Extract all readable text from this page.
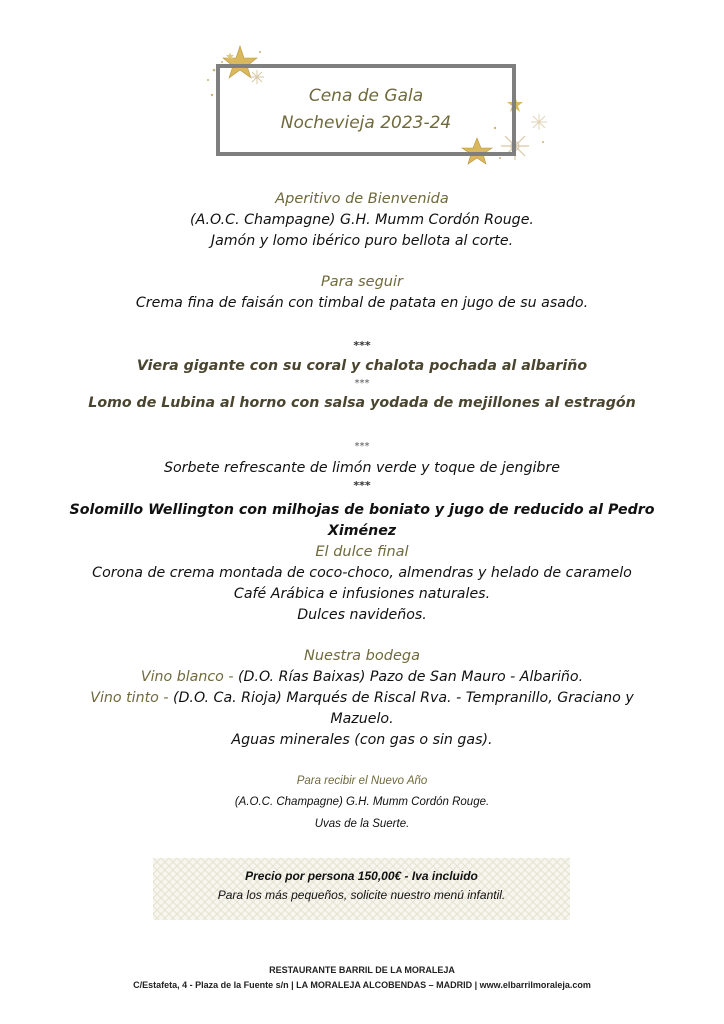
Cena de Gala
Nochevieja 2023-24
Aperitivo de Bienvenida
(A.O.C. Champagne) G.H. Mumm Cordón Rouge.
Jamón y lomo ibérico puro bellota al corte.
Para seguir
Crema fina de faisán con timbal de patata en jugo de su asado.
***
Viera gigante con su coral y chalota pochada al albariño
***
Lomo de Lubina al horno con salsa yodada de mejillones al estragón
***
Sorbete refrescante de limón verde y toque de jengibre
***
Solomillo Wellington con milhojas de boniato y jugo de reducido al Pedro
Ximénez
El dulce final
Corona de crema montada de coco-choco, almendras y helado de caramelo
Café Arábica e infusiones naturales.
Dulces navideños.
Nuestra bodega
Vino blanco - (D.O. Rías Baixas) Pazo de San Mauro - Albariño.
Vino tinto - (D.O. Ca. Rioja) Marqués de Riscal Rva. - Tempranillo, Graciano y
Mazuelo.
Aguas minerales (con gas o sin gas).
Para recibir el Nuevo Año
(A.O.C. Champagne) G.H. Mumm Cordón Rouge.
Uvas de la Suerte.
Precio por persona 150,00€ - Iva incluido
Para los más pequeños, solicite nuestro menú infantil.
RESTAURANTE BARRIL DE LA MORALEJA
C/Estafeta, 4 - Plaza de la Fuente s/n | LA MORALEJA ALCOBENDAS – MADRID | www.elbarrilmoraleja.com
